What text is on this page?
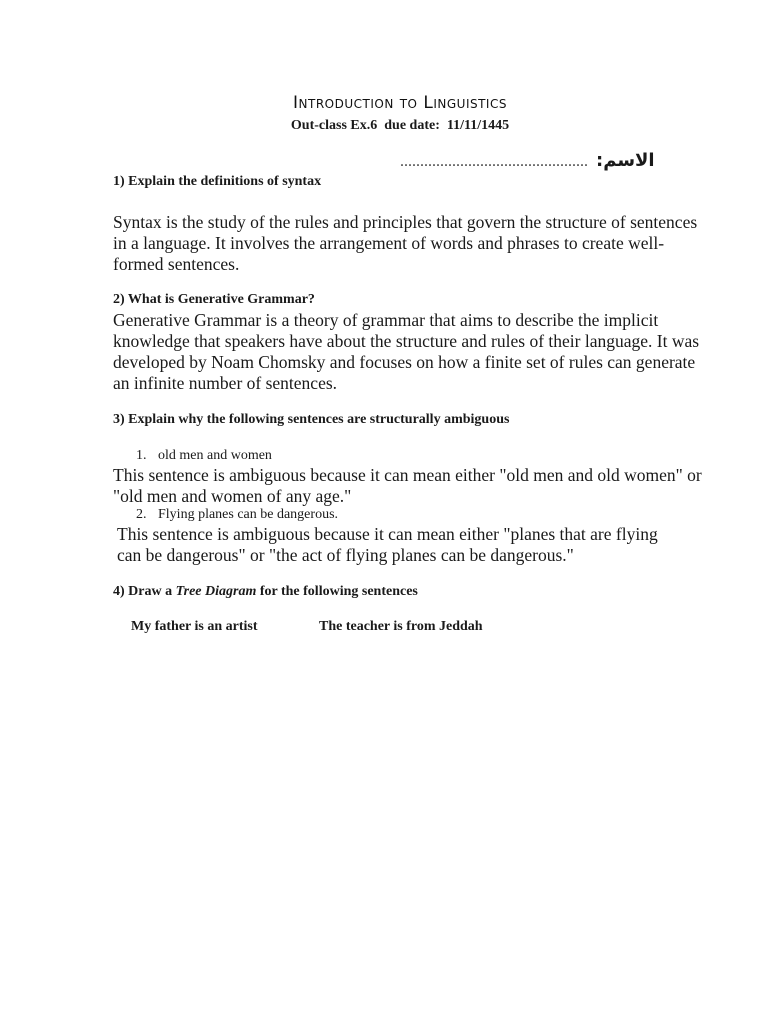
Introduction to Linguistics
Out-class Ex.6  due date:  11/11/1445
............................................... الاسم:
1) Explain the definitions of syntax
Syntax is the study of the rules and principles that govern the structure of sentences in a language. It involves the arrangement of words and phrases to create well-formed sentences.
2) What is Generative Grammar?
Generative Grammar is a theory of grammar that aims to describe the implicit knowledge that speakers have about the structure and rules of their language. It was developed by Noam Chomsky and focuses on how a finite set of rules can generate an infinite number of sentences.
3) Explain why the following sentences are structurally ambiguous
1. old men and women
This sentence is ambiguous because it can mean either "old men and old women" or "old men and women of any age."
2. Flying planes can be dangerous.
This sentence is ambiguous because it can mean either "planes that are flying can be dangerous" or "the act of flying planes can be dangerous."
4) Draw a Tree Diagram for the following sentences
My father is an artist	The teacher is from Jeddah
